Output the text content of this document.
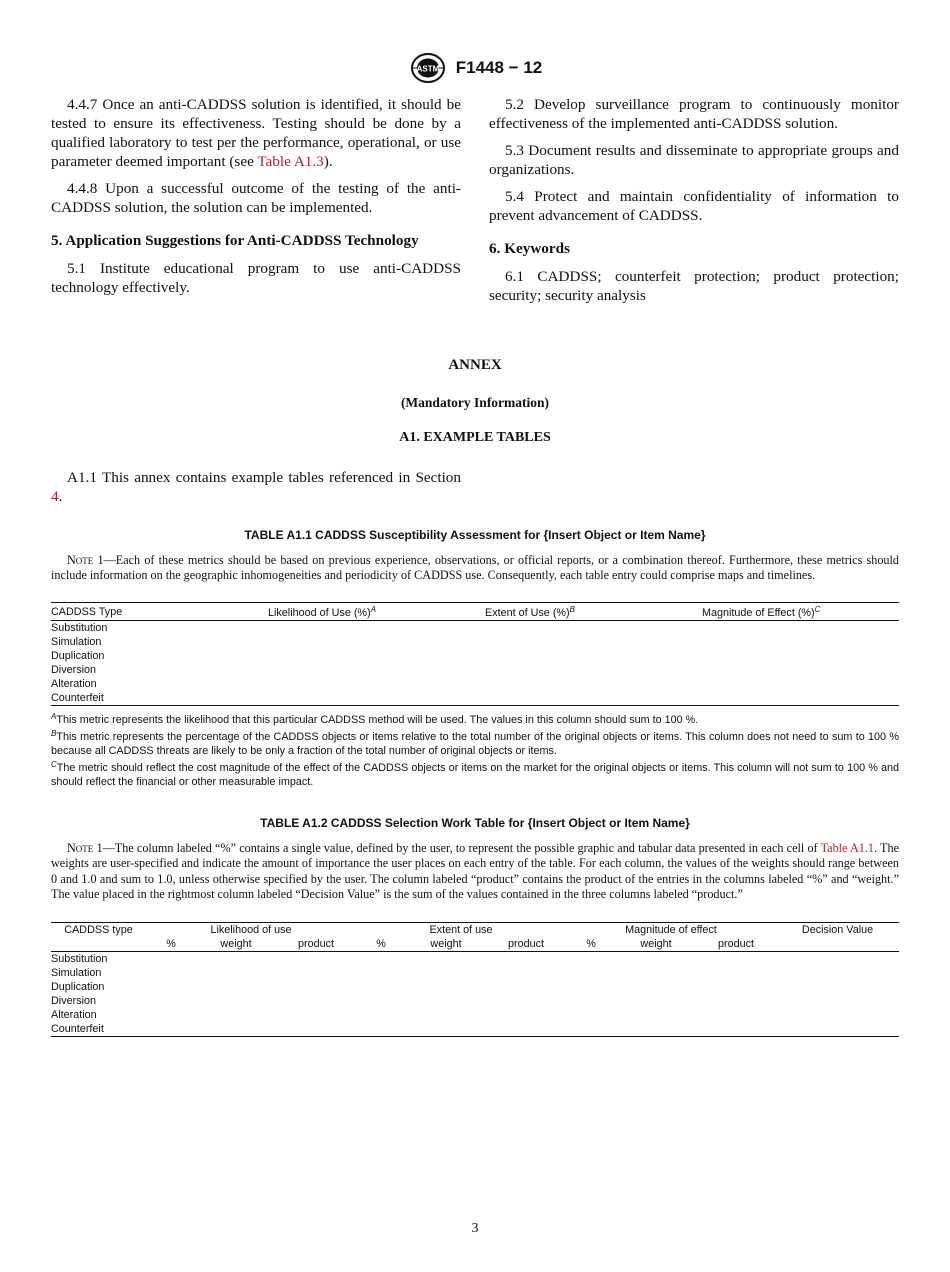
ASTM F1448 − 12

4.4.7 Once an anti-CADDSS solution is identified, it should be tested to ensure its effectiveness. Testing should be done by a qualified laboratory to test per the performance, operational, or use parameter deemed important (see Table A1.3).

4.4.8 Upon a successful outcome of the testing of the anti-CADDSS solution, the solution can be implemented.

5. Application Suggestions for Anti-CADDSS Technology

5.1 Institute educational program to use anti-CADDSS technology effectively.

5.2 Develop surveillance program to continuously monitor effectiveness of the implemented anti-CADDSS solution.

5.3 Document results and disseminate to appropriate groups and organizations.

5.4 Protect and maintain confidentiality of information to prevent advancement of CADDSS.

6. Keywords

6.1 CADDSS; counterfeit protection; product protection; security; security analysis

ANNEX
(Mandatory Information)
A1. EXAMPLE TABLES

A1.1 This annex contains example tables referenced in Section 4.

TABLE A1.1 CADDSS Susceptibility Assessment for {Insert Object or Item Name}

Note 1—Each of these metrics should be based on previous experience, observations, or official reports, or a combination thereof. Furthermore, these metrics should include information on the geographic inhomogeneities and periodicity of CADDSS use. Consequently, each table entry could comprise maps and timelines.

CADDSS Type	Likelihood of Use (%)$^A$	Extent of Use (%)$^B$	Magnitude of Effect (%)$^C$
Substitution			
Simulation			
Duplication			
Diversion			
Alteration			
Counterfeit			

$^A$This metric represents the likelihood that this particular CADDSS method will be used. The values in this column should sum to 100 %.

$^B$This metric represents the percentage of the CADDSS objects or items relative to the total number of the original objects or items. This column does not need to sum to 100 % because all CADDSS threats are likely to be only a fraction of the total number of original objects or items.

$^C$The metric should reflect the cost magnitude of the effect of the CADDSS objects or items on the market for the original objects or items. This column will not sum to 100 % and should reflect the financial or other measurable impact.

TABLE A1.2 CADDSS Selection Work Table for {Insert Object or Item Name}

Note 1—The column labeled “%” contains a single value, defined by the user, to represent the possible graphic and tabular data presented in each cell of Table A1.1. The weights are user-specified and indicate the amount of importance the user places on each entry of the table. For each column, the values of the weights should range between 0 and 1.0 and sum to 1.0, unless otherwise specified by the user. The column labeled “product” contains the product of the entries in the columns labeled “%” and “weight.” The value placed in the rightmost column labeled “Decision Value” is the sum of the values contained in the three columns labeled “product.”

CADDSS type	Likelihood of use			Extent of use			Magnitude of effect			Decision Value
	%	weight	product	%	weight	product	%	weight	product	
Substitution										
Simulation										
Duplication										
Diversion										
Alteration										
Counterfeit										
3
